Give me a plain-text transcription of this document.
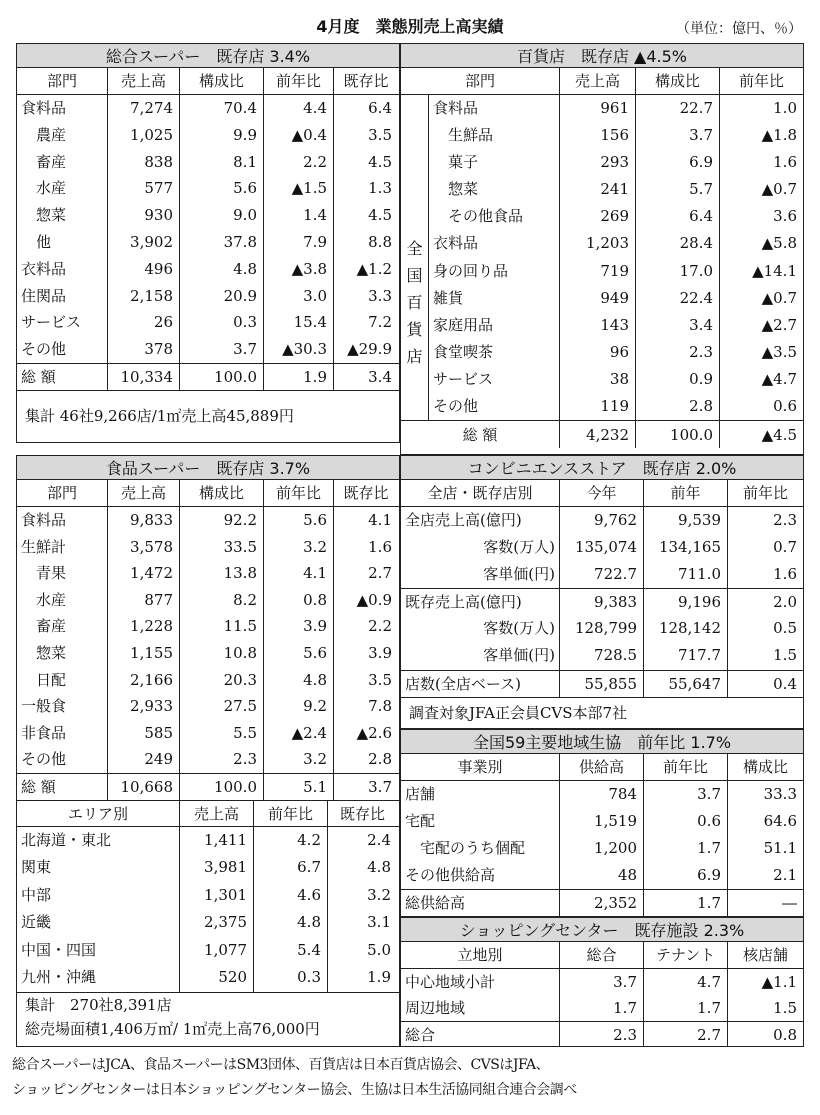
4月度　業態別売上高実績	（単位：億円、％）
総合スーパー　既存店 3.4%
部門	売上高	構成比	前年比	既存比
食料品	7,274	70.4	4.4	6.4
　農産	1,025	9.9	▲0.4	3.5
　畜産	838	8.1	2.2	4.5
　水産	577	5.6	▲1.5	1.3
　惣菜	930	9.0	1.4	4.5
　他	3,902	37.8	7.9	8.8
衣料品	496	4.8	▲3.8	▲1.2
住関品	2,158	20.9	3.0	3.3
サービス	26	0.3	15.4	7.2
その他	378	3.7	▲30.3	▲29.9
総 額	10,334	100.0	1.9	3.4
集計 46社9,266店/1㎡売上高45,889円
百貨店　既存店 ▲4.5%
部門	売上高	構成比	前年比
食料品	961	22.7	1.0
　生鮮品	156	3.7	▲1.8
　菓子	293	6.9	1.6
　惣菜	241	5.7	▲0.7
　その他食品	269	6.4	3.6
衣料品	1,203	28.4	▲5.8
身の回り品	719	17.0	▲14.1
雑貨	949	22.4	▲0.7
家庭用品	143	3.4	▲2.7
食堂喫茶	96	2.3	▲3.5
サービス	38	0.9	▲4.7
その他	119	2.8	0.6
全
国
百
貨
店
総 額	4,232	100.0	▲4.5
食品スーパー　既存店 3.7%
部門	売上高	構成比	前年比	既存比
食料品	9,833	92.2	5.6	4.1
生鮮計	3,578	33.5	3.2	1.6
　青果	1,472	13.8	4.1	2.7
　水産	877	8.2	0.8	▲0.9
　畜産	1,228	11.5	3.9	2.2
　惣菜	1,155	10.8	5.6	3.9
　日配	2,166	20.3	4.8	3.5
一般食	2,933	27.5	9.2	7.8
非食品	585	5.5	▲2.4	▲2.6
その他	249	2.3	3.2	2.8
総 額	10,668	100.0	5.1	3.7
エリア別	売上高	前年比	既存比
北海道・東北	1,411	4.2	2.4
関東	3,981	6.7	4.8
中部	1,301	4.6	3.2
近畿	2,375	4.8	3.1
中国・四国	1,077	5.4	5.0
九州・沖縄	520	0.3	1.9
集計　270社8,391店
総売場面積1,406万㎡/ 1㎡売上高76,000円
コンビニエンスストア　既存店 2.0%
全店・既存店別	今年	前年	前年比
全店売上高(億円)	9,762	9,539	2.3
客数(万人)	135,074	134,165	0.7
客単価(円)	722.7	711.0	1.6
既存売上高(億円)	9,383	9,196	2.0
客数(万人)	128,799	128,142	0.5
客単価(円)	728.5	717.7	1.5
店数(全店ベース)	55,855	55,647	0.4
調査対象JFA正会員CVS本部7社
全国59主要地域生協　前年比 1.7%
事業別	供給高	前年比	構成比
店舗	784	3.7	33.3
宅配	1,519	0.6	64.6
　宅配のうち個配	1,200	1.7	51.1
その他供給高	48	6.9	2.1
総供給高	2,352	1.7	―
ショッピングセンター　既存施設 2.3%
立地別	総合	テナント	核店舗
中心地域小計	3.7	4.7	▲1.1
周辺地域	1.7	1.7	1.5
総合	2.3	2.7	0.8
総合スーパーはJCA、食品スーパーはSM3団体、百貨店は日本百貨店協会、CVSはJFA、
ショッピングセンターは日本ショッピングセンター協会、生協は日本生活協同組合連合会調べ
